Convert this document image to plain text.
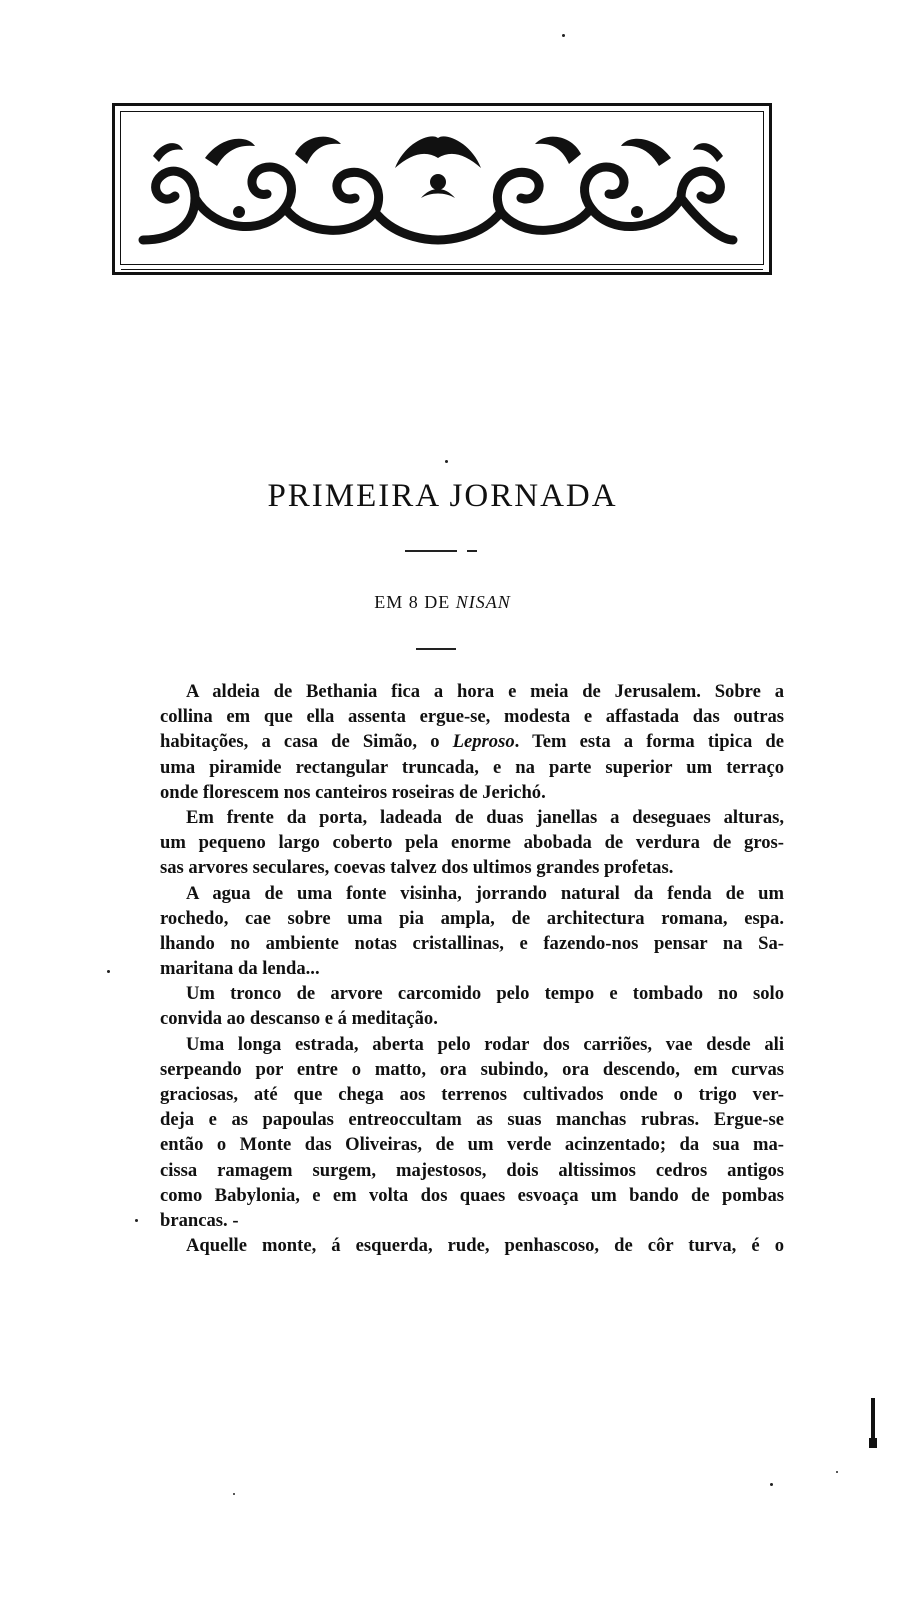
PRIMEIRA JORNADA
EM 8 DE NISAN
A aldeia de Bethania fica a hora e meia de Jerusalem. Sobre a
collina em que ella assenta ergue-se, modesta e affastada das outras
habitações, a casa de Simão, o Leproso. Tem esta a forma tipica de
uma piramide rectangular truncada, e na parte superior um terraço
onde florescem nos canteiros roseiras de Jerichó.
Em frente da porta, ladeada de duas janellas a deseguaes alturas,
um pequeno largo coberto pela enorme abobada de verdura de gros-
sas arvores seculares, coevas talvez dos ultimos grandes profetas.
A agua de uma fonte visinha, jorrando natural da fenda de um
rochedo, cae sobre uma pia ampla, de architectura romana, espa.
lhando no ambiente notas cristallinas, e fazendo-nos pensar na Sa-
maritana da lenda...
Um tronco de arvore carcomido pelo tempo e tombado no solo
convida ao descanso e á meditação.
Uma longa estrada, aberta pelo rodar dos carriões, vae desde ali
serpeando por entre o matto, ora subindo, ora descendo, em curvas
graciosas, até que chega aos terrenos cultivados onde o trigo ver-
deja e as papoulas entreoccultam as suas manchas rubras. Ergue-se
então o Monte das Oliveiras, de um verde acinzentado; da sua ma-
cissa ramagem surgem, majestosos, dois altissimos cedros antigos
como Babylonia, e em volta dos quaes esvoaça um bando de pombas
brancas. -
Aquelle monte, á esquerda, rude, penhascoso, de côr turva, é o
